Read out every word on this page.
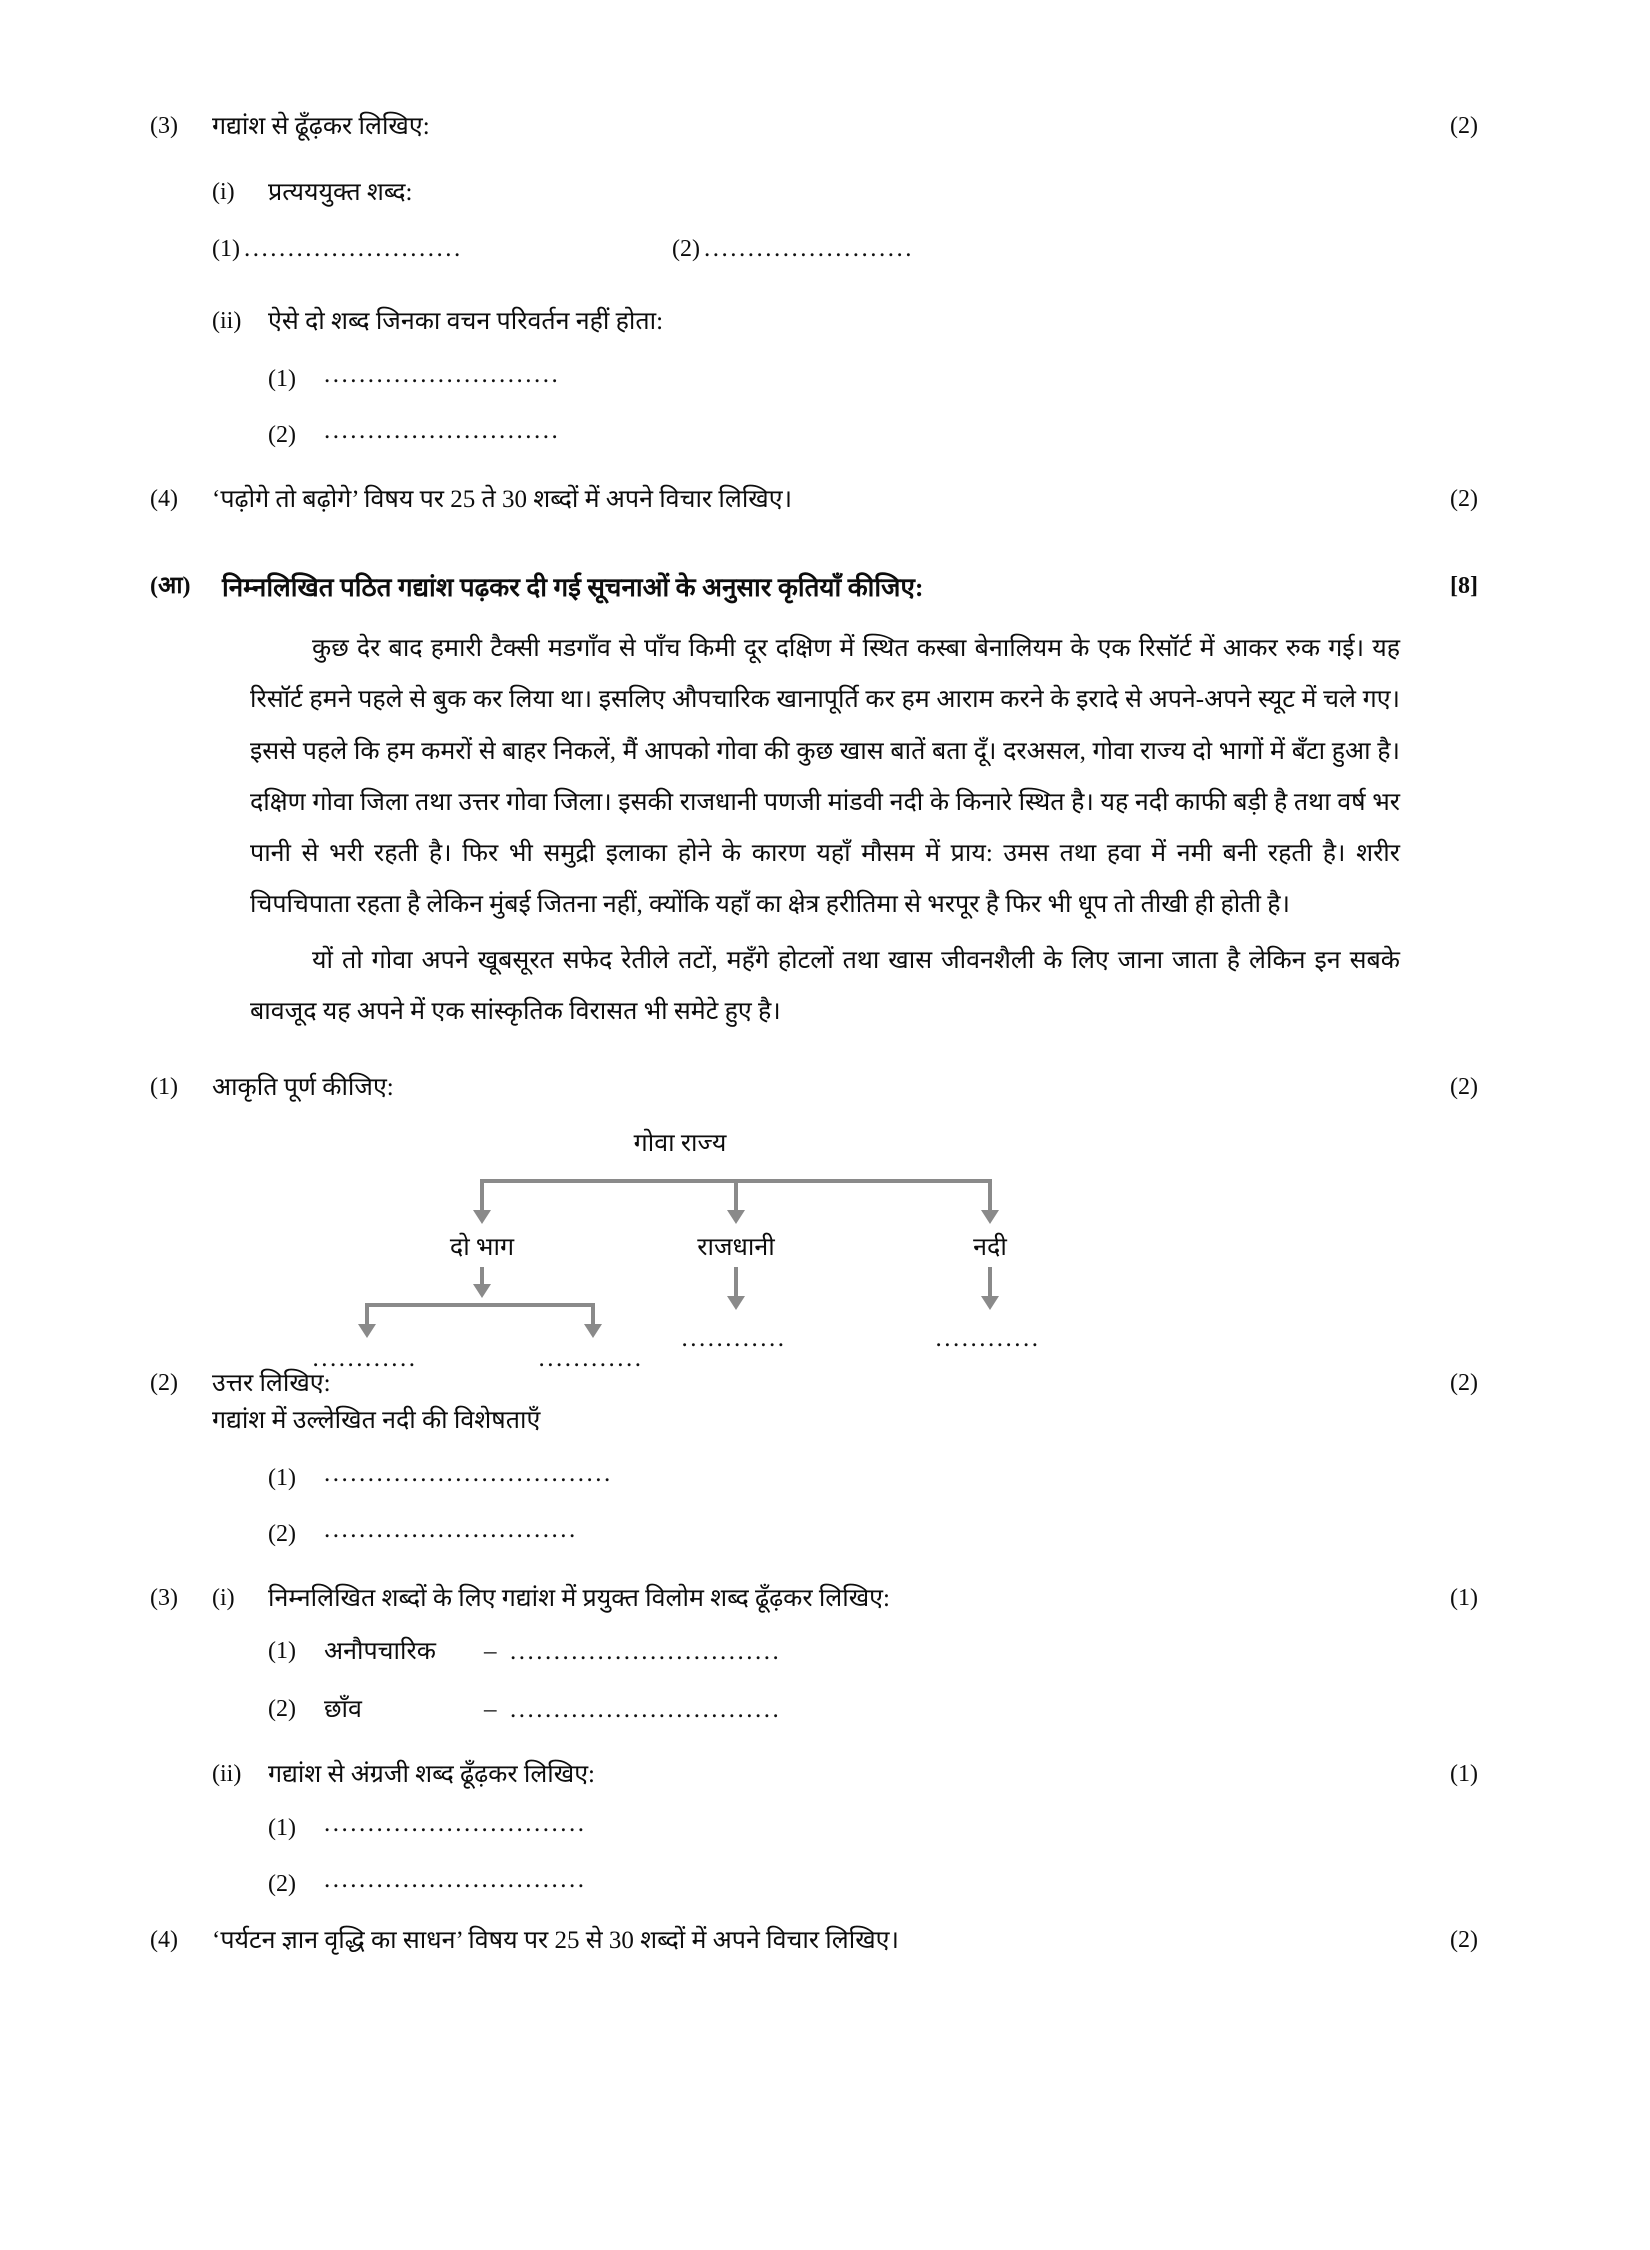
(3)	गद्यांश से ढूँढ़कर लिखिए:	(2)
(i)	प्रत्यययुक्त शब्द:
(1) .........................	(2) ........................
(ii)	ऐसे दो शब्द जिनका वचन परिवर्तन नहीं होता:
(1)	...........................
(2)	...........................
(4)	‘पढ़ोगे तो बढ़ोगे’ विषय पर 25 ते 30 शब्दों में अपने विचार लिखिए।	(2)
(आ)	निम्नलिखित पठित गद्यांश पढ़कर दी गई सूचनाओं के अनुसार कृतियाँ कीजिए:	[8]

कुछ देर बाद हमारी टैक्सी मडगाँव से पाँच किमी दूर दक्षिण में स्थित कस्बा बेनालियम के एक रिसॉर्ट में आकर रुक गई। यह रिसॉर्ट हमने पहले से बुक कर लिया था। इसलिए औपचारिक खानापूर्ति कर हम आराम करने के इरादे से अपने-अपने स्यूट में चले गए। इससे पहले कि हम कमरों से बाहर निकलें, मैं आपको गोवा की कुछ खास बातें बता दूँ। दरअसल, गोवा राज्य दो भागों में बँटा हुआ है। दक्षिण गोवा जिला तथा उत्तर गोवा जिला। इसकी राजधानी पणजी मांडवी नदी के किनारे स्थित है। यह नदी काफी बड़ी है तथा वर्ष भर पानी से भरी रहती है। फिर भी समुद्री इलाका होने के कारण यहाँ मौसम में प्राय: उमस तथा हवा में नमी बनी रहती है। शरीर चिपचिपाता रहता है लेकिन मुंबई जितना नहीं, क्योंकि यहाँ का क्षेत्र हरीतिमा से भरपूर है फिर भी धूप तो तीखी ही होती है।

यों तो गोवा अपने खूबसूरत सफेद रेतीले तटों, महँगे होटलों तथा खास जीवनशैली के लिए जाना जाता है लेकिन इन सबके बावजूद यह अपने में एक सांस्कृतिक विरासत भी समेटे हुए है।

(1)	आकृति पूर्ण कीजिए:	(2)
गोवा राज्य
दो भाग	राजधानी	नदी
............	............
............	............
(2)	उत्तर लिखिए:	(2)
गद्यांश में उल्लेखित नदी की विशेषताएँ
(1)	.................................
(2)	.............................
(3)	(i)	निम्नलिखित शब्दों के लिए गद्यांश में प्रयुक्त विलोम शब्द ढूँढ़कर लिखिए:	(1)
(1)	अनौपचारिक – ...............................
(2)	छाँव	– ...............................
(ii)	गद्यांश से अंग्रजी शब्द ढूँढ़कर लिखिए:	(1)
(1)	..............................
(2)	..............................
(4)	‘पर्यटन ज्ञान वृद्धि का साधन’ विषय पर 25 से 30 शब्दों में अपने विचार लिखिए।	(2)
